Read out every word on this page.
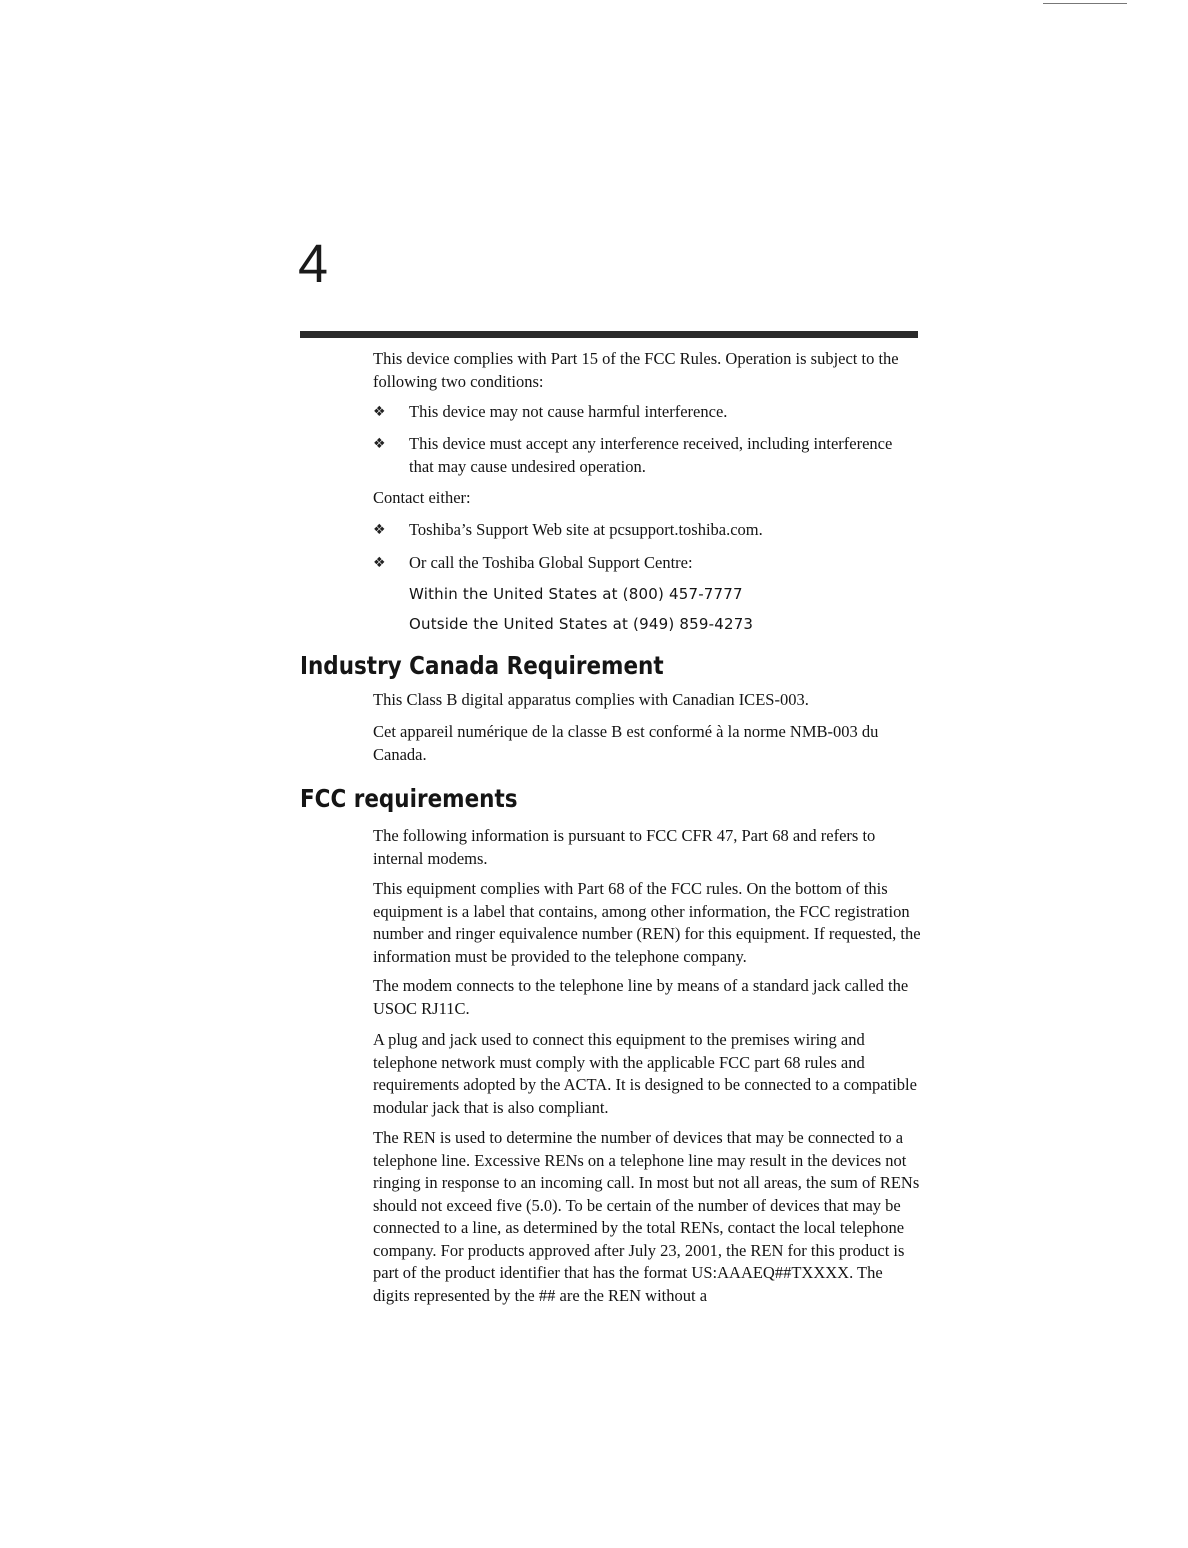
4

This device complies with Part 15 of the FCC Rules. Operation is subject to the following two conditions:

❖ This device may not cause harmful interference.
❖ This device must accept any interference received, including interference that may cause undesired operation.

Contact either:

❖ Toshiba’s Support Web site at pcsupport.toshiba.com.
❖ Or call the Toshiba Global Support Centre:
Within the United States at (800) 457-7777
Outside the United States at (949) 859-4273
Industry Canada Requirement

This Class B digital apparatus complies with Canadian ICES-003.

Cet appareil numérique de la classe B est conformé à la norme NMB-003 du Canada.

FCC requirements

The following information is pursuant to FCC CFR 47, Part 68 and refers to internal modems.

This equipment complies with Part 68 of the FCC rules. On the bottom of this equipment is a label that contains, among other information, the FCC registration number and ringer equivalence number (REN) for this equipment. If requested, the information must be provided to the telephone company.

The modem connects to the telephone line by means of a standard jack called the USOC RJ11C.

A plug and jack used to connect this equipment to the premises wiring and telephone network must comply with the applicable FCC part 68 rules and requirements adopted by the ACTA. It is designed to be connected to a compatible modular jack that is also compliant.

The REN is used to determine the number of devices that may be connected to a telephone line. Excessive RENs on a telephone line may result in the devices not ringing in response to an incoming call. In most but not all areas, the sum of RENs should not exceed five (5.0). To be certain of the number of devices that may be connected to a line, as determined by the total RENs, contact the local telephone company. For products approved after July 23, 2001, the REN for this product is part of the product identifier that has the format US:AAAEQ##TXXXX. The digits represented by the ## are the REN without a
